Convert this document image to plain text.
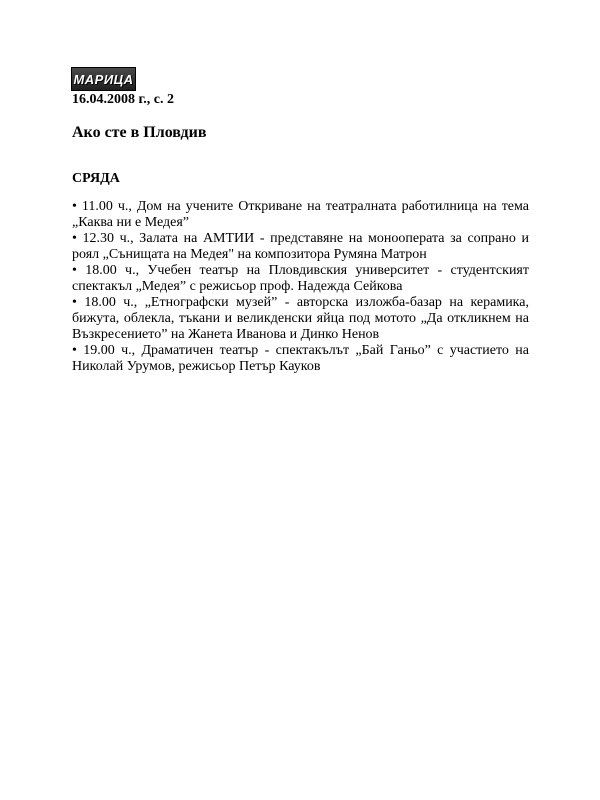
МАРИЦА
16.04.2008 г., с. 2
Ако сте в Пловдив
СРЯДА

• 11.00 ч., Дом на учените Откриване на театралната работилница на тема „Каква ни е Медея”

• 12.30 ч., Залата на АМТИИ - представяне на монооперата за сопрано и роял „Сънищата на Медея" на композитора Румяна Матрон

• 18.00 ч., Учебен театър на Пловдивския университет - студентският спектакъл „Медея” с режисьор проф. Надежда Сейкова

• 18.00 ч., „Етнографски музей” - авторска изложба-базар на керамика, бижута, облекла, тъкани и великденски яйца под мотото „Да откликнем на Възкресението” на Жанета Иванова и Динко Ненов

• 19.00 ч., Драматичен театър - спектакълът „Бай Ганьо” с участието на Николай Урумов, режисьор Петър Кауков
